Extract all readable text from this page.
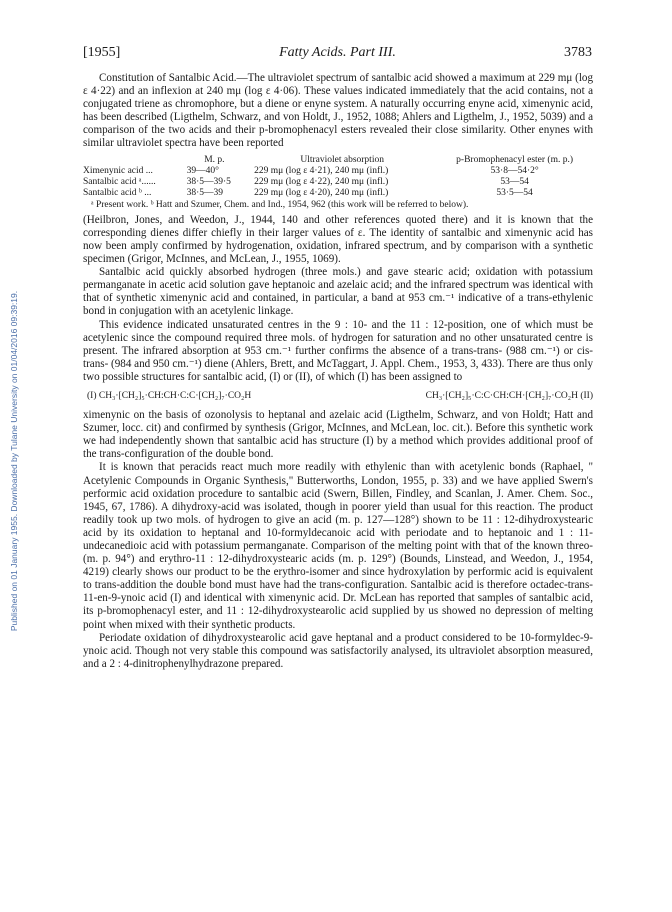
Published on 01 January 1955. Downloaded by Tulane University on 01/04/2016 09:39:19.
[1955]	Fatty Acids. Part III.	3783

Constitution of Santalbic Acid.—The ultraviolet spectrum of santalbic acid showed a maximum at 229 mμ (log ε 4·22) and an inflexion at 240 mμ (log ε 4·06). These values indicated immediately that the acid contains, not a conjugated triene as chromophore, but a diene or enyne system. A naturally occurring enyne acid, ximenynic acid, has been described (Ligthelm, Schwarz, and von Holdt, J., 1952, 1088; Ahlers and Ligthelm, J., 1952, 5039) and a comparison of the two acids and their p-bromophenacyl esters revealed their close similarity. Other enynes with similar ultraviolet spectra have been reported

	M. p.	Ultraviolet absorption	p-Bromophenacyl ester (m. p.)
Ximenynic acid ...	39—40°	229 mμ (log ε 4·21), 240 mμ (infl.)	53·8—54·2°
Santalbic acid ᵃ......	38·5—39·5	229 mμ (log ε 4·22), 240 mμ (infl.)	53—54
Santalbic acid ᵇ ...	38·5—39	229 mμ (log ε 4·20), 240 mμ (infl.)	53·5—54
ᵃ Present work. ᵇ Hatt and Szumer, Chem. and Ind., 1954, 962 (this work will be referred to below).

(Heilbron, Jones, and Weedon, J., 1944, 140 and other references quoted there) and it is known that the corresponding dienes differ chiefly in their larger values of ε. The identity of santalbic and ximenynic acid has now been amply confirmed by hydrogenation, oxidation, infrared spectrum, and by comparison with a synthetic specimen (Grigor, McInnes, and McLean, J., 1955, 1069).

Santalbic acid quickly absorbed hydrogen (three mols.) and gave stearic acid; oxidation with potassium permanganate in acetic acid solution gave heptanoic and azelaic acid; and the infrared spectrum was identical with that of synthetic ximenynic acid and contained, in particular, a band at 953 cm.⁻¹ indicative of a trans-ethylenic bond in conjugation with an acetylenic linkage.

This evidence indicated unsaturated centres in the 9 : 10- and the 11 : 12-position, one of which must be acetylenic since the compound required three mols. of hydrogen for saturation and no other unsaturated centre is present. The infrared absorption at 953 cm.⁻¹ further confirms the absence of a trans-trans- (988 cm.⁻¹) or cis-trans- (984 and 950 cm.⁻¹) diene (Ahlers, Brett, and McTaggart, J. Appl. Chem., 1953, 3, 433). There are thus only two possible structures for santalbic acid, (I) or (II), of which (I) has been assigned to

(I) CH₃·[CH₂]₅·CH:CH·C:C·[CH₂]₇·CO₂H	CH₃·[CH₂]₅·C:C·CH:CH·[CH₂]₇·CO₂H (II)

ximenynic on the basis of ozonolysis to heptanal and azelaic acid (Ligthelm, Schwarz, and von Holdt; Hatt and Szumer, locc. cit) and confirmed by synthesis (Grigor, McInnes, and McLean, loc. cit.). Before this synthetic work we had independently shown that santalbic acid has structure (I) by a method which provides additional proof of the trans-configuration of the double bond.

It is known that peracids react much more readily with ethylenic than with acetylenic bonds (Raphael, " Acetylenic Compounds in Organic Synthesis," Butterworths, London, 1955, p. 33) and we have applied Swern's performic acid oxidation procedure to santalbic acid (Swern, Billen, Findley, and Scanlan, J. Amer. Chem. Soc., 1945, 67, 1786). A dihydroxy-acid was isolated, though in poorer yield than usual for this reaction. The product readily took up two mols. of hydrogen to give an acid (m. p. 127—128°) shown to be 11 : 12-dihydroxystearic acid by its oxidation to heptanal and 10-formyldecanoic acid with periodate and to heptanoic and 1 : 11-undecanedioic acid with potassium permanganate. Comparison of the melting point with that of the known threo- (m. p. 94°) and erythro-11 : 12-dihydroxystearic acids (m. p. 129°) (Bounds, Linstead, and Weedon, J., 1954, 4219) clearly shows our product to be the erythro-isomer and since hydroxylation by performic acid is equivalent to trans-addition the double bond must have had the trans-configuration. Santalbic acid is therefore octadec-trans-11-en-9-ynoic acid (I) and identical with ximenynic acid. Dr. McLean has reported that samples of santalbic acid, its p-bromophenacyl ester, and 11 : 12-dihydroxystearolic acid supplied by us showed no depression of melting point when mixed with their synthetic products.

Periodate oxidation of dihydroxystearolic acid gave heptanal and a product considered to be 10-formyldec-9-ynoic acid. Though not very stable this compound was satisfactorily analysed, its ultraviolet absorption measured, and a 2 : 4-dinitrophenylhydrazone prepared.
